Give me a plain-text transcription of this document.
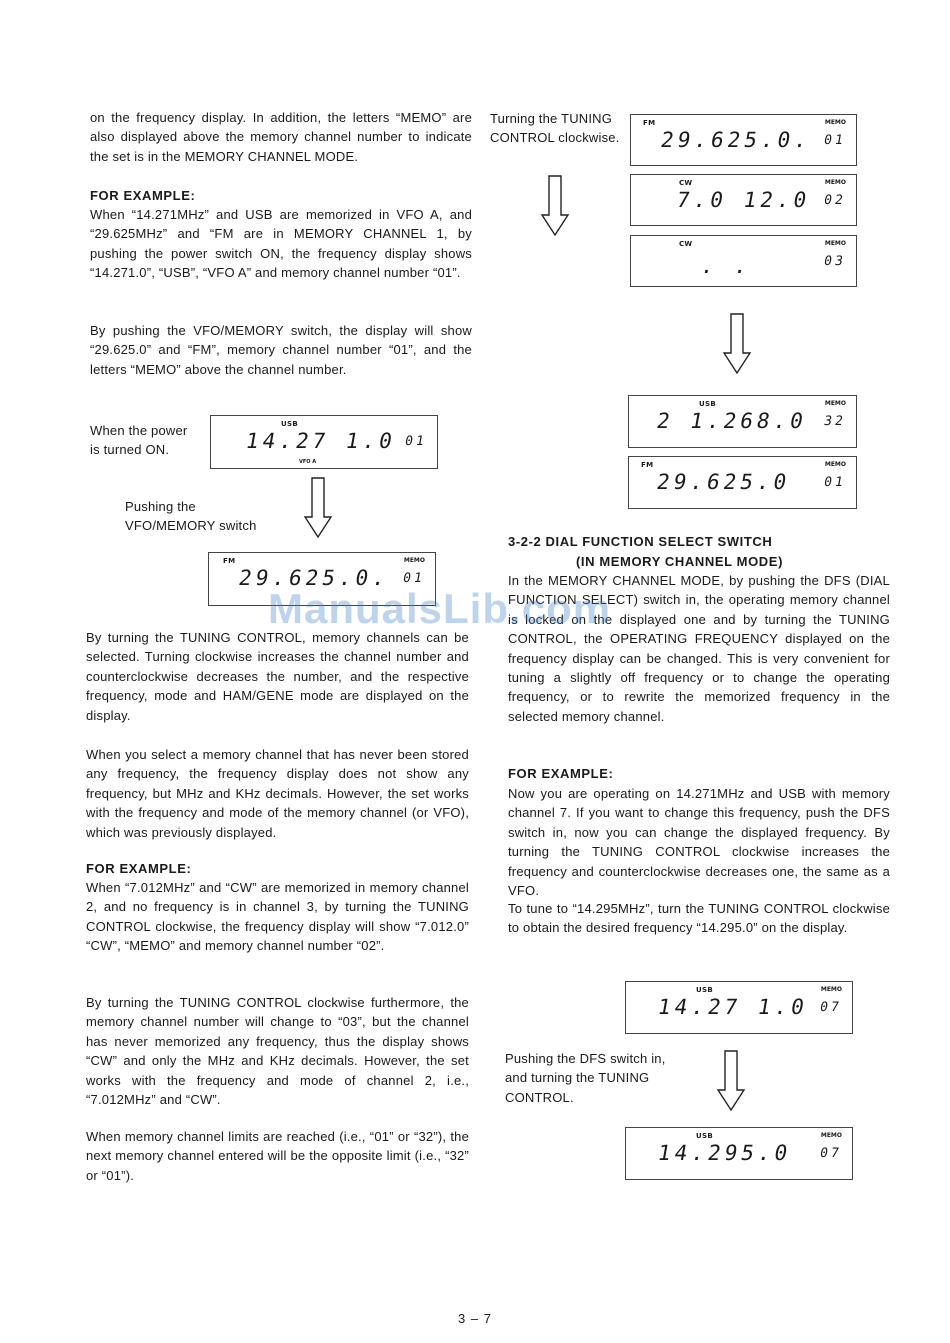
on the frequency display. In addition, the letters “MEMO” are also displayed above the memory channel number to indicate the set is in the MEMORY CHANNEL MODE.

FOR EXAMPLE:

When “14.271MHz” and USB are memorized in VFO A, and “29.625MHz” and “FM are in MEMORY CHANNEL 1, by pushing the power switch ON, the frequency display shows “14.271.0”, “USB”, “VFO A” and memory channel number “01”.

By pushing the VFO/MEMORY switch, the display will show “29.625.0” and “FM”, memory channel number “01”, and the letters “MEMO” above the channel number.

When the power is turned ON.

USB
14.27 1.0 01
VFO A

Pushing the VFO/MEMORY switch

FM	MEMO
29.625.0. 01

By turning the TUNING CONTROL, memory channels can be selected. Turning clockwise increases the channel number and counterclockwise decreases the number, and the respective frequency, mode and HAM/GENE mode are displayed on the display.

When you select a memory channel that has never been stored any frequency, the frequency display does not show any frequency, but MHz and KHz decimals. However, the set works with the frequency and mode of the memory channel (or VFO), which was previously displayed.

FOR EXAMPLE:

When “7.012MHz” and “CW” are memorized in memory channel 2, and no frequency is in channel 3, by turning the TUNING CONTROL clockwise, the frequency display will show “7.012.0” “CW”, “MEMO” and memory channel number “02”.

By turning the TUNING CONTROL clockwise furthermore, the memory channel number will change to “03”, but the channel has never memorized any frequency, thus the display shows “CW” and only the MHz and KHz decimals. However, the set works with the frequency and mode of channel 2, i.e., “7.012MHz” and “CW”.

When memory channel limits are reached (i.e., “01” or “32”), the next memory channel entered will be the opposite limit (i.e., “32” or “01”).

Turning the TUNING CONTROL clockwise.

FM	MEMO
29.625.0. 01
CW	MEMO
7.0 12.0 02
CW	MEMO
. .	03
USB	MEMO
2 1.268.0 32
FM	MEMO
29.625.0 01

3-2-2 DIAL FUNCTION SELECT SWITCH

(IN MEMORY CHANNEL MODE)

In the MEMORY CHANNEL MODE, by pushing the DFS (DIAL FUNCTION SELECT) switch in, the operating memory channel is locked on the displayed one and by turning the TUNING CONTROL, the OPERATING FREQUENCY displayed on the frequency display can be changed. This is very convenient for tuning a slightly off frequency or to change the operating frequency, or to rewrite the memorized frequency in the selected memory channel.

FOR EXAMPLE:

Now you are operating on 14.271MHz and USB with memory channel 7. If you want to change this frequency, push the DFS switch in, now you can change the displayed frequency. By turning the TUNING CONTROL clockwise increases the frequency and counterclockwise decreases one, the same as a VFO.

To tune to “14.295MHz”, turn the TUNING CONTROL clockwise to obtain the desired frequency “14.295.0” on the display.

USB	MEMO
14.27 1.0 07

Pushing the DFS switch in, and turning the TUNING CONTROL.

USB	MEMO
14.295.0 07
ManualsLib.com
3 – 7
